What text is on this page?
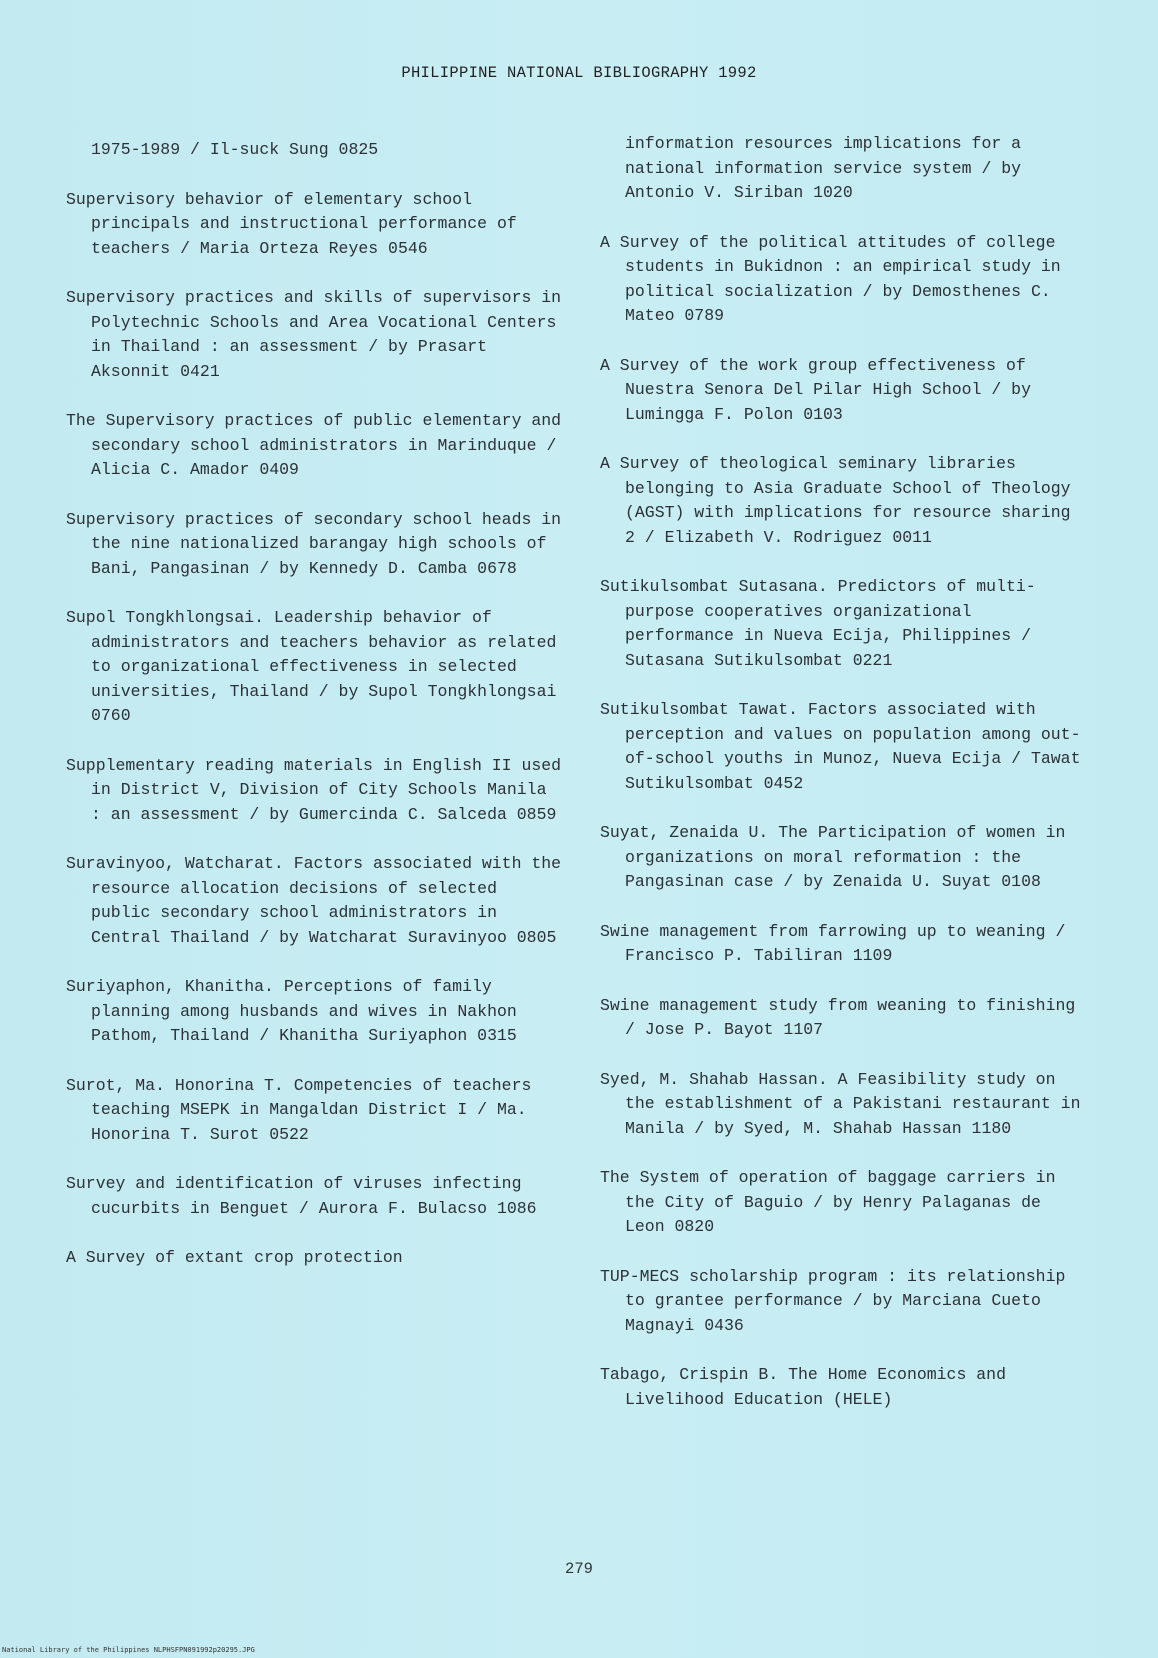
PHILIPPINE NATIONAL BIBLIOGRAPHY 1992

1975-1989 / Il-suck Sung 0825

Supervisory behavior of elementary school principals and instructional performance of teachers / Maria Orteza Reyes 0546

Supervisory practices and skills of supervisors in Polytechnic Schools and Area Vocational Centers in Thailand : an assessment / by Prasart Aksonnit 0421

The Supervisory practices of public elementary and secondary school administrators in Marinduque / Alicia C. Amador 0409

Supervisory practices of secondary school heads in the nine nationalized barangay high schools of Bani, Pangasinan / by Kennedy D. Camba 0678

Supol Tongkhlongsai. Leadership behavior of administrators and teachers behavior as related to organizational effectiveness in selected universities, Thailand / by Supol Tongkhlongsai 0760

Supplementary reading materials in English II used in District V, Division of City Schools Manila : an assessment / by Gumercinda C. Salceda 0859

Suravinyoo, Watcharat. Factors associated with the resource allocation decisions of selected public secondary school administrators in Central Thailand / by Watcharat Suravinyoo 0805

Suriyaphon, Khanitha. Perceptions of family planning among husbands and wives in Nakhon Pathom, Thailand / Khanitha Suriyaphon 0315

Surot, Ma. Honorina T. Competencies of teachers teaching MSEPK in Mangaldan District I / Ma. Honorina T. Surot 0522

Survey and identification of viruses infecting cucurbits in Benguet / Aurora F. Bulacso 1086

A Survey of extant crop protection

information resources implications for a national information service system / by Antonio V. Siriban 1020

A Survey of the political attitudes of college students in Bukidnon : an empirical study in political socialization / by Demosthenes C. Mateo 0789

A Survey of the work group effectiveness of Nuestra Senora Del Pilar High School / by Lumingga F. Polon 0103

A Survey of theological seminary libraries belonging to Asia Graduate School of Theology (AGST) with implications for resource sharing 2 / Elizabeth V. Rodriguez 0011

Sutikulsombat Sutasana. Predictors of multi-purpose cooperatives organizational performance in Nueva Ecija, Philippines / Sutasana Sutikulsombat 0221

Sutikulsombat Tawat. Factors associated with perception and values on population among out-of-school youths in Munoz, Nueva Ecija / Tawat Sutikulsombat 0452

Suyat, Zenaida U. The Participation of women in organizations on moral reformation : the Pangasinan case / by Zenaida U. Suyat 0108

Swine management from farrowing up to weaning / Francisco P. Tabiliran 1109

Swine management study from weaning to finishing / Jose P. Bayot 1107

Syed, M. Shahab Hassan. A Feasibility study on the establishment of a Pakistani restaurant in Manila / by Syed, M. Shahab Hassan 1180

The System of operation of baggage carriers in the City of Baguio / by Henry Palaganas de Leon 0820

TUP-MECS scholarship program : its relationship to grantee performance / by Marciana Cueto Magnayi 0436

Tabago, Crispin B. The Home Economics and Livelihood Education (HELE)

279
National Library of the Philippines NLPHSFPN091992p20295.JPG
